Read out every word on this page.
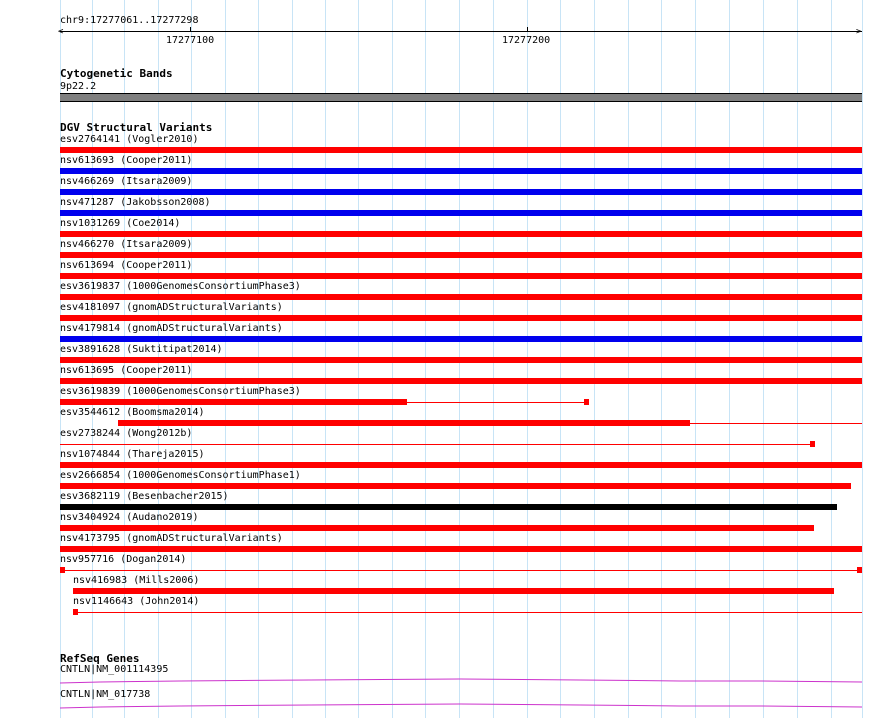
chr9:17277061..17277298
<	>
17277100	17277200
Cytogenetic Bands
9p22.2
DGV Structural Variants
esv2764141 (Vogler2010)
nsv613693 (Cooper2011)
nsv466269 (Itsara2009)
nsv471287 (Jakobsson2008)
nsv1031269 (Coe2014)
nsv466270 (Itsara2009)
nsv613694 (Cooper2011)
esv3619837 (1000GenomesConsortiumPhase3)
esv4181097 (gnomADStructuralVariants)
nsv4179814 (gnomADStructuralVariants)
esv3891628 (Suktitipat2014)
nsv613695 (Cooper2011)
esv3619839 (1000GenomesConsortiumPhase3)
esv3544612 (Boomsma2014)
esv2738244 (Wong2012b)
nsv1074844 (Thareja2015)
esv2666854 (1000GenomesConsortiumPhase1)
esv3682119 (Besenbacher2015)
nsv3404924 (Audano2019)
nsv4173795 (gnomADStructuralVariants)
nsv957716 (Dogan2014)
nsv416983 (Mills2006)
nsv1146643 (John2014)
RefSeq Genes
CNTLN|NM_001114395
CNTLN|NM_017738
